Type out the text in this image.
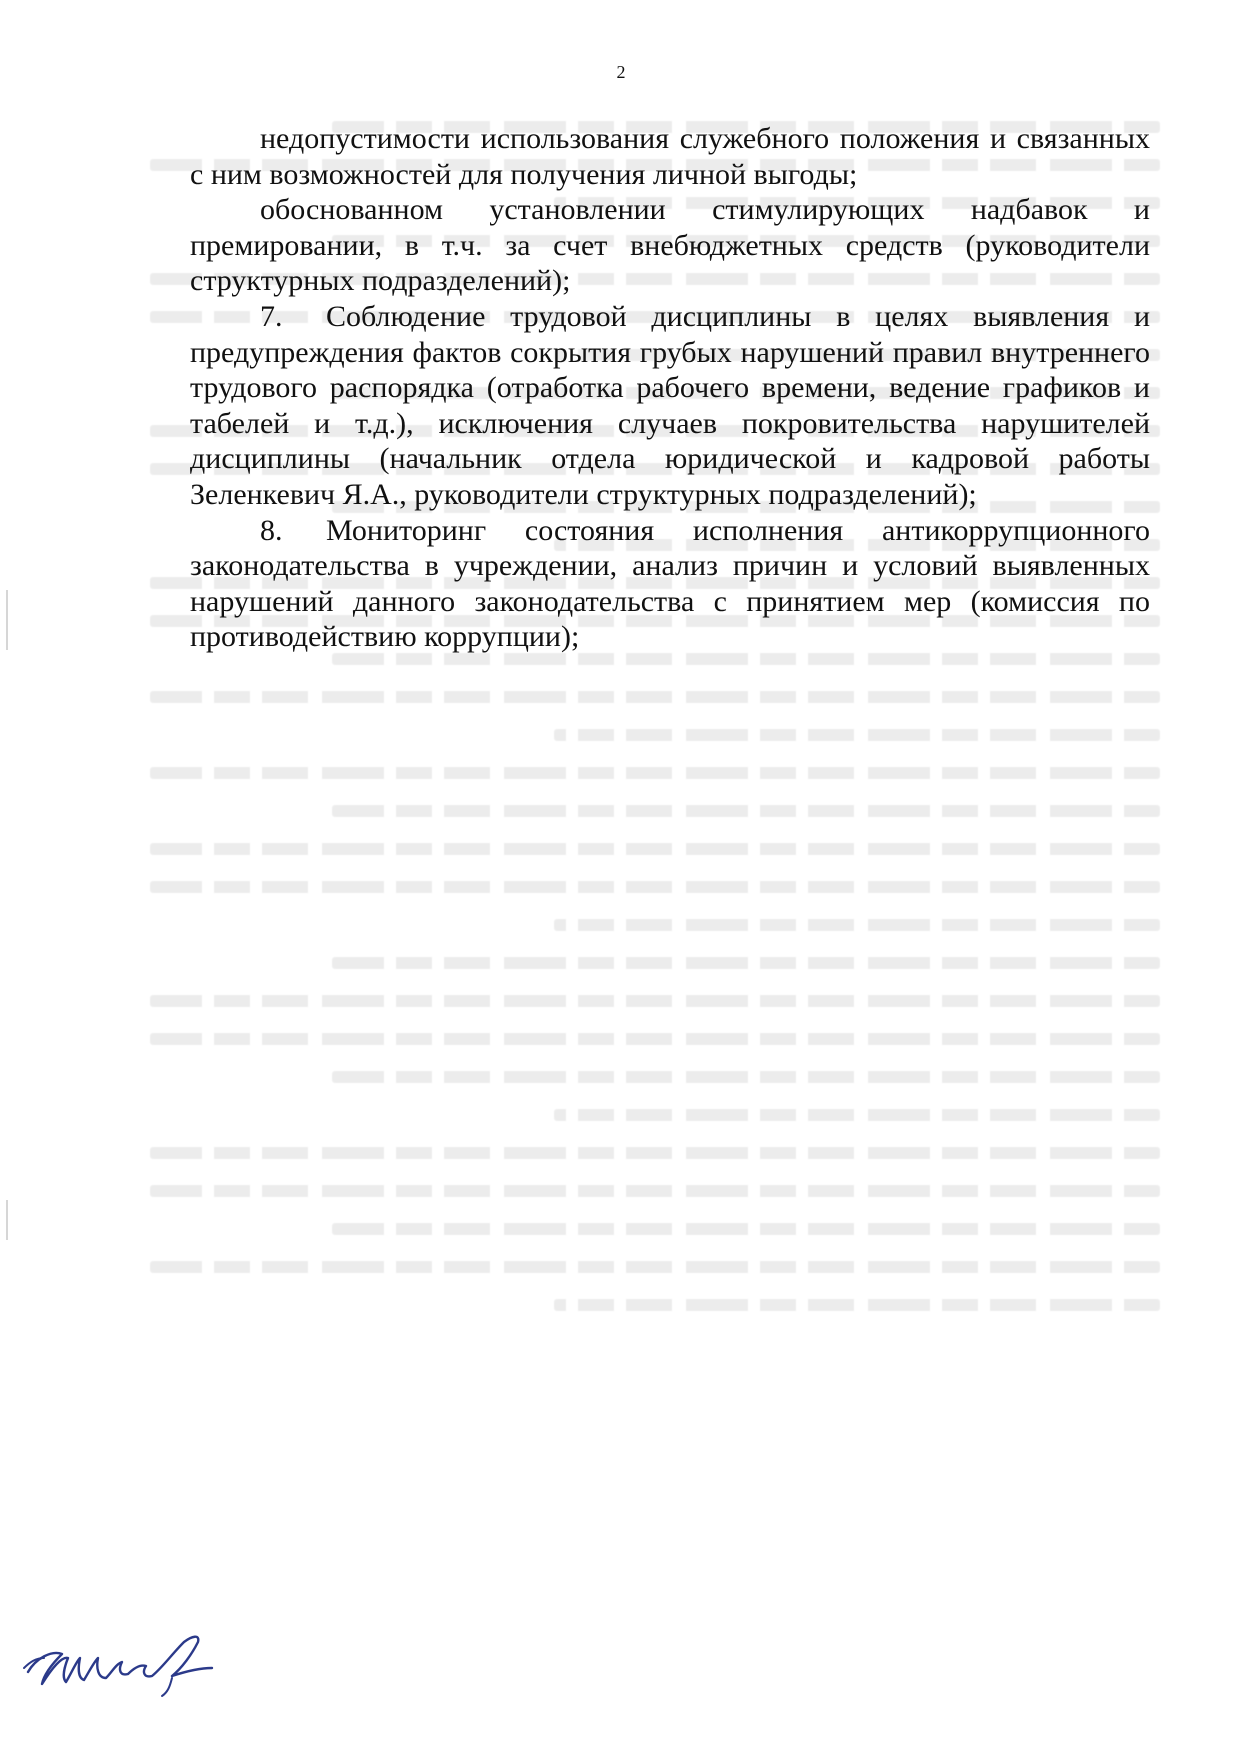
2

недопустимости использования служебного положения и связанных с ним возможностей для получения личной выгоды;

обоснованном установлении стимулирующих надбавок и премировании, в т.ч. за счет внебюджетных средств (руководители структурных подразделений);

7. Соблюдение трудовой дисциплины в целях выявления и предупреждения фактов сокрытия грубых нарушений правил внутреннего трудового распорядка (отработка рабочего времени, ведение графиков и табелей и т.д.), исключения случаев покровительства нарушителей дисциплины (начальник отдела юридической и кадровой работы Зеленкевич Я.А., руководители структурных подразделений);

8. Мониторинг состояния исполнения антикоррупционного законодательства в учреждении, анализ причин и условий выявленных нарушений данного законодательства с принятием мер (комиссия по противодействию коррупции);
